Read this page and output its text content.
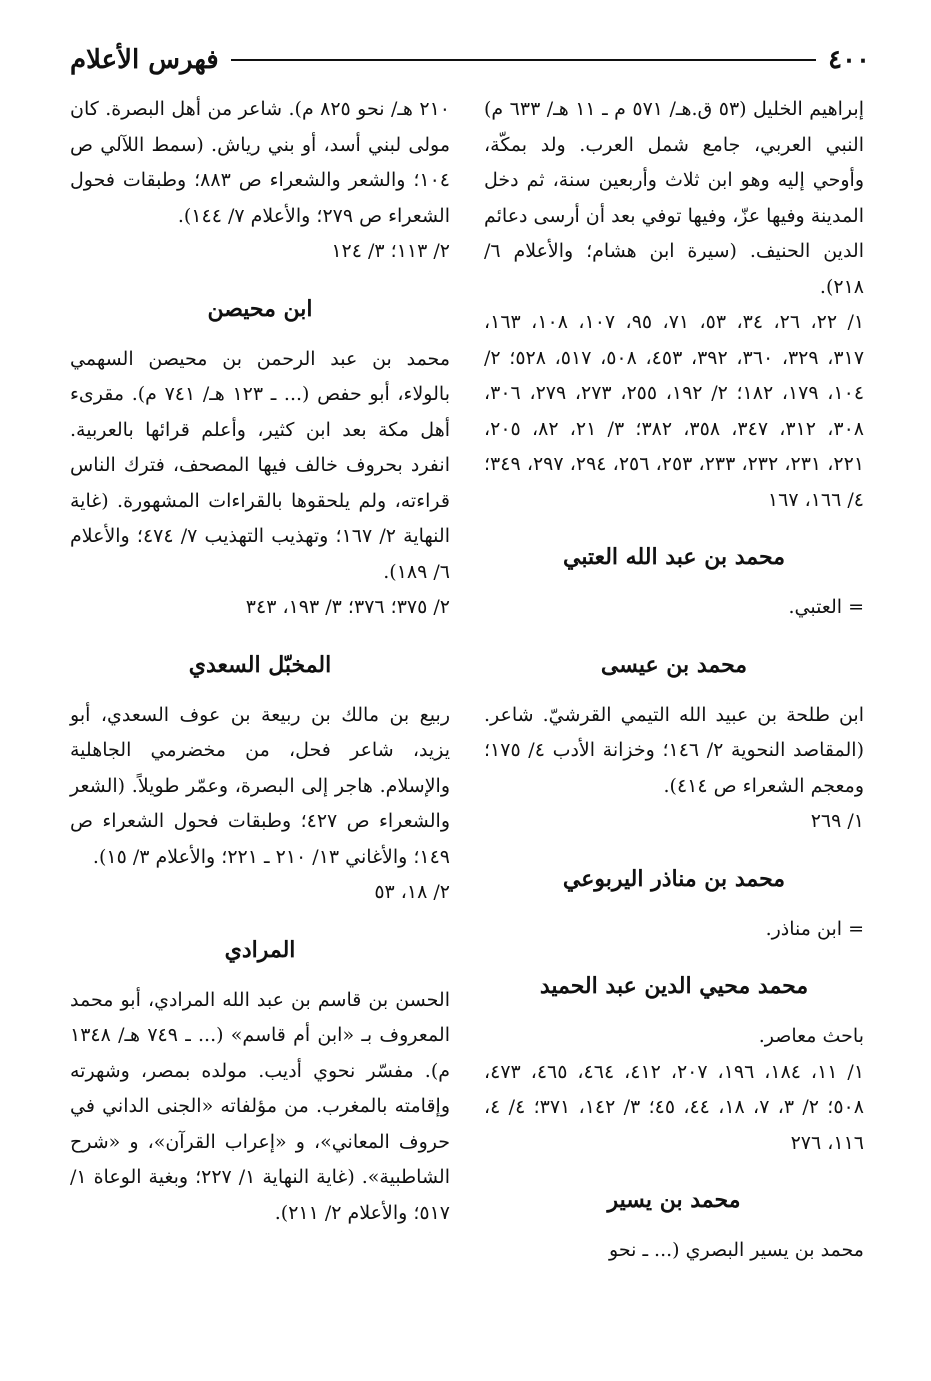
٤٠٠
فهرس الأعلام

إبراهيم الخليل (٥٣ ق.هـ/ ٥٧١ م ـ ١١ هـ/ ٦٣٣ م) النبي العربي، جامع شمل العرب. ولد بمكّة، وأوحي إليه وهو ابن ثلاث وأربعين سنة، ثم دخل المدينة وفيها عزّ، وفيها توفي بعد أن أرسى دعائم الدين الحنيف. (سيرة ابن هشام؛ والأعلام ٦/ ٢١٨).

١/ ٢٢، ٢٦، ٣٤، ٥٣، ٧١، ٩٥، ١٠٧، ١٠٨، ١٦٣، ٣١٧، ٣٢٩، ٣٦٠، ٣٩٢، ٤٥٣، ٥٠٨، ٥١٧، ٥٢٨؛ ٢/ ١٠٤، ١٧٩، ١٨٢؛ ٢/ ١٩٢، ٢٥٥، ٢٧٣، ٢٧٩، ٣٠٦، ٣٠٨، ٣١٢، ٣٤٧، ٣٥٨، ٣٨٢؛ ٣/ ٢١، ٨٢، ٢٠٥، ٢٢١، ٢٣١، ٢٣٢، ٢٣٣، ٢٥٣، ٢٥٦، ٢٩٤، ٢٩٧، ٣٤٩؛ ٤/ ١٦٦، ١٦٧

محمد بن عبد الله العتبي

= العتبي.

محمد بن عيسى

ابن طلحة بن عبيد الله التيمي القرشيّ. شاعر. (المقاصد النحوية ٢/ ١٤٦؛ وخزانة الأدب ٤/ ١٧٥؛ ومعجم الشعراء ص ٤١٤).

١/ ٢٦٩

محمد بن مناذر اليربوعي

= ابن مناذر.

محمد محيي الدين عبد الحميد

باحث معاصر.

١/ ١١، ١٨٤، ١٩٦، ٢٠٧، ٤١٢، ٤٦٤، ٤٦٥، ٤٧٣، ٥٠٨؛ ٢/ ٣، ٧، ١٨، ٤٤، ٤٥؛ ٣/ ١٤٢، ٣٧١؛ ٤/ ٤، ١١٦، ٢٧٦

محمد بن يسير

محمد بن يسير البصري (... ـ نحو

٢١٠ هـ/ نحو ٨٢٥ م). شاعر من أهل البصرة. كان مولى لبني أسد، أو بني رياش. (سمط اللآلي ص ١٠٤؛ والشعر والشعراء ص ٨٨٣؛ وطبقات فحول الشعراء ص ٢٧٩؛ والأعلام ٧/ ١٤٤).

٢/ ١١٣؛ ٣/ ١٢٤

ابن محيصن

محمد بن عبد الرحمن بن محيصن السهمي بالولاء، أبو حفص (... ـ ١٢٣ هـ/ ٧٤١ م). مقرىء أهل مكة بعد ابن كثير، وأعلم قرائها بالعربية. انفرد بحروف خالف فيها المصحف، فترك الناس قراءته، ولم يلحقوها بالقراءات المشهورة. (غاية النهاية ٢/ ١٦٧؛ وتهذيب التهذيب ٧/ ٤٧٤؛ والأعلام ٦/ ١٨٩).

٢/ ٣٧٥؛ ٣٧٦؛ ٣/ ١٩٣، ٣٤٣

المخبّل السعدي

ربيع بن مالك بن ربيعة بن عوف السعدي، أبو يزيد، شاعر فحل، من مخضرمي الجاهلية والإسلام. هاجر إلى البصرة، وعمّر طويلاً. (الشعر والشعراء ص ٤٢٧؛ وطبقات فحول الشعراء ص ١٤٩؛ والأغاني ١٣/ ٢١٠ ـ ٢٢١؛ والأعلام ٣/ ١٥).

٢/ ١٨، ٥٣

المرادي

الحسن بن قاسم بن عبد الله المرادي، أبو محمد المعروف بـ «ابن أم قاسم» (... ـ ٧٤٩ هـ/ ١٣٤٨ م). مفسّر نحوي أديب. مولده بمصر، وشهرته وإقامته بالمغرب. من مؤلفاته «الجنى الداني في حروف المعاني»، و «إعراب القرآن»، و «شرح الشاطبية». (غاية النهاية ١/ ٢٢٧؛ وبغية الوعاة ١/ ٥١٧؛ والأعلام ٢/ ٢١١).
